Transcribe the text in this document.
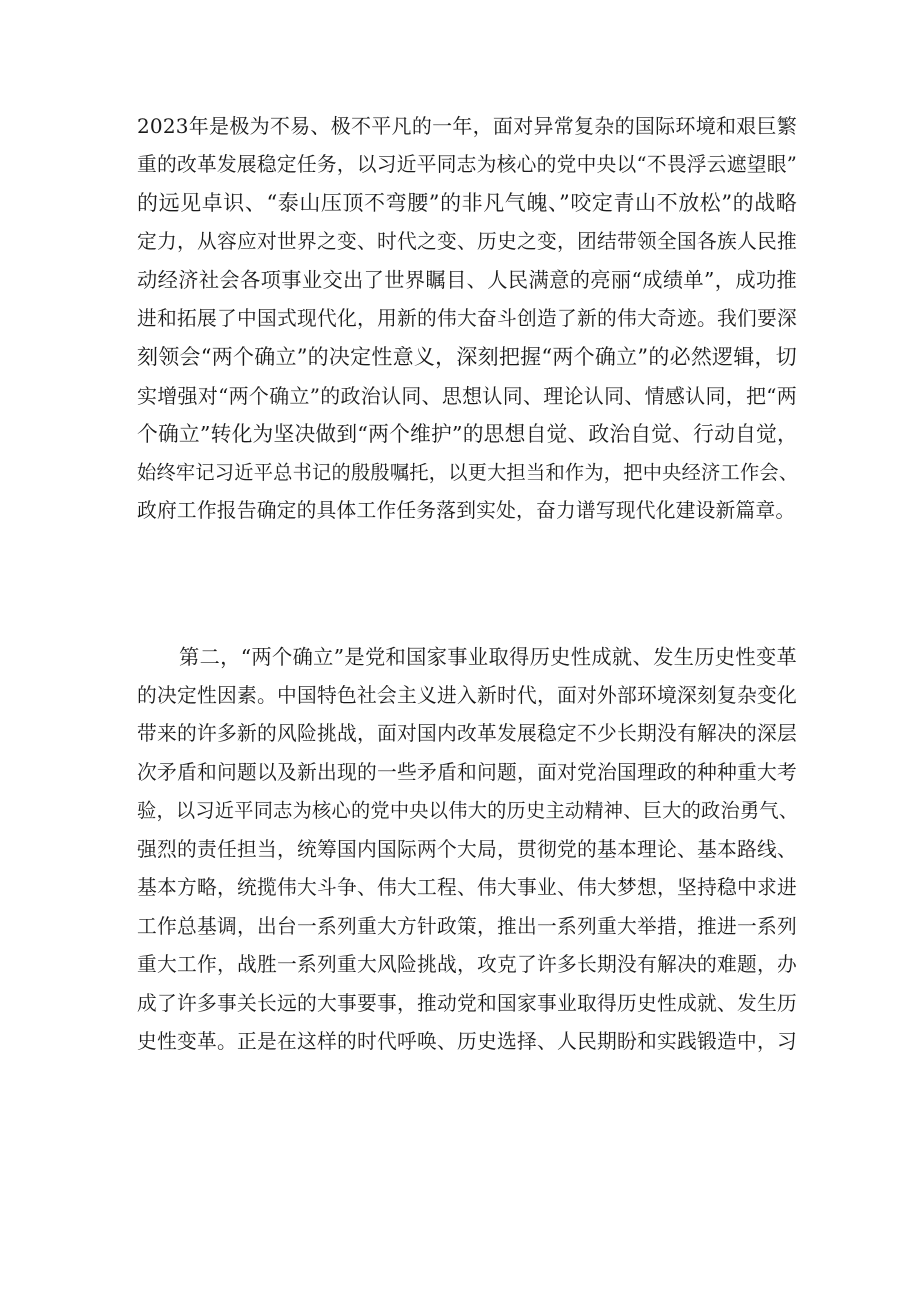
2023年是极为不易、极不平凡的一年，面对异常复杂的国际环境和艰巨繁
重的改革发展稳定任务，以习近平同志为核心的党中央以“不畏浮云遮望眼”
的远见卓识、“泰山压顶不弯腰”的非凡气魄、”咬定青山不放松”的战略
定力，从容应对世界之变、时代之变、历史之变，团结带领全国各族人民推
动经济社会各项事业交出了世界瞩目、人民满意的亮丽“成绩单”，成功推
进和拓展了中国式现代化，用新的伟大奋斗创造了新的伟大奇迹。我们要深
刻领会“两个确立”的决定性意义，深刻把握“两个确立”的必然逻辑，切
实增强对“两个确立”的政治认同、思想认同、理论认同、情感认同，把“两
个确立”转化为坚决做到“两个维护”的思想自觉、政治自觉、行动自觉，
始终牢记习近平总书记的殷殷嘱托，以更大担当和作为，把中央经济工作会、
政府工作报告确定的具体工作任务落到实处，奋力谱写现代化建设新篇章。
第二，“两个确立”是党和国家事业取得历史性成就、发生历史性变革
的决定性因素。中国特色社会主义进入新时代，面对外部环境深刻复杂变化
带来的许多新的风险挑战，面对国内改革发展稳定不少长期没有解决的深层
次矛盾和问题以及新出现的一些矛盾和问题，面对党治国理政的种种重大考
验，以习近平同志为核心的党中央以伟大的历史主动精神、巨大的政治勇气、
强烈的责任担当，统筹国内国际两个大局，贯彻党的基本理论、基本路线、
基本方略，统揽伟大斗争、伟大工程、伟大事业、伟大梦想，坚持稳中求进
工作总基调，出台一系列重大方针政策，推出一系列重大举措，推进一系列
重大工作，战胜一系列重大风险挑战，攻克了许多长期没有解决的难题，办
成了许多事关长远的大事要事，推动党和国家事业取得历史性成就、发生历
史性变革。正是在这样的时代呼唤、历史选择、人民期盼和实践锻造中，习
